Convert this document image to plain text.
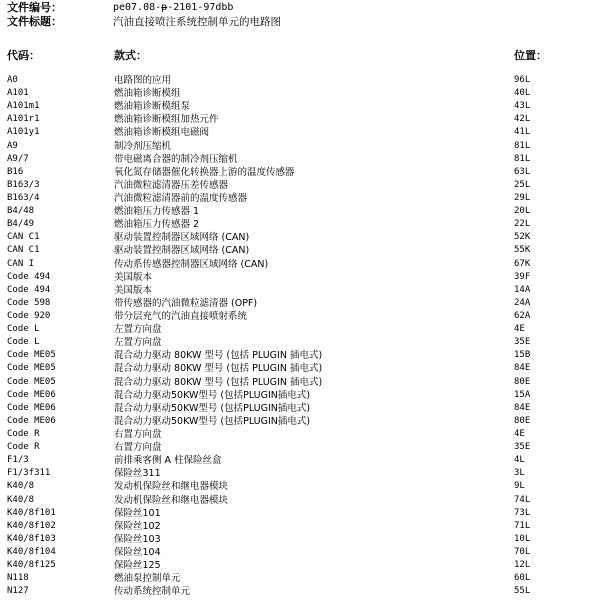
文件编号：	pe07.08-p-2101-97dbb
文件标题：	汽油直接喷注系统控制单元的电路图
代码：	款式：	位置：
A0	电路图的应用	96L
A101	燃油箱诊断模组	40L
A101m1	燃油箱诊断模组泵	43L
A101r1	燃油箱诊断模组加热元件	42L
A101y1	燃油箱诊断模组电磁阀	41L
A9	制冷剂压缩机	81L
A9/7	带电磁离合器的制冷剂压缩机	81L
B16	氧化氮存储器催化转换器上游的温度传感器	63L
B163/3	汽油微粒滤清器压差传感器	25L
B163/4	汽油微粒滤清器前的温度传感器	29L
B4/48	燃油箱压力传感器 1	20L
B4/49	燃油箱压力传感器 2	22L
CAN C1	驱动装置控制器区域网络 (CAN)	52K
CAN C1	驱动装置控制器区域网络 (CAN)	55K
CAN I	传动系传感器控制器区域网络 (CAN)	67K
Code 494	美国版本	39F
Code 494	美国版本	14A
Code 598	带传感器的汽油微粒滤清器 (OPF)	24A
Code 920	带分层充气的汽油直接喷射系统	62A
Code L	左置方向盘	4E
Code L	左置方向盘	35E
Code ME05	混合动力驱动 80KW 型号 (包括 PLUGIN 插电式)	15B
Code ME05	混合动力驱动 80KW 型号 (包括 PLUGIN 插电式)	84E
Code ME05	混合动力驱动 80KW 型号 (包括 PLUGIN 插电式)	80E
Code ME06	混合动力驱动50KW型号 (包括PLUGIN插电式)	15A
Code ME06	混合动力驱动50KW型号 (包括PLUGIN插电式)	84E
Code ME06	混合动力驱动50KW型号 (包括PLUGIN插电式)	80E
Code R	右置方向盘	4E
Code R	右置方向盘	35E
F1/3	前排乘客侧 A 柱保险丝盒	4L
F1/3f311	保险丝311	3L
K40/8	发动机保险丝和继电器模块	9L
K40/8	发动机保险丝和继电器模块	74L
K40/8f101	保险丝101	73L
K40/8f102	保险丝102	71L
K40/8f103	保险丝103	10L
K40/8f104	保险丝104	70L
K40/8f125	保险丝125	12L
N118	燃油泵控制单元	60L
N127	传动系统控制单元	55L
